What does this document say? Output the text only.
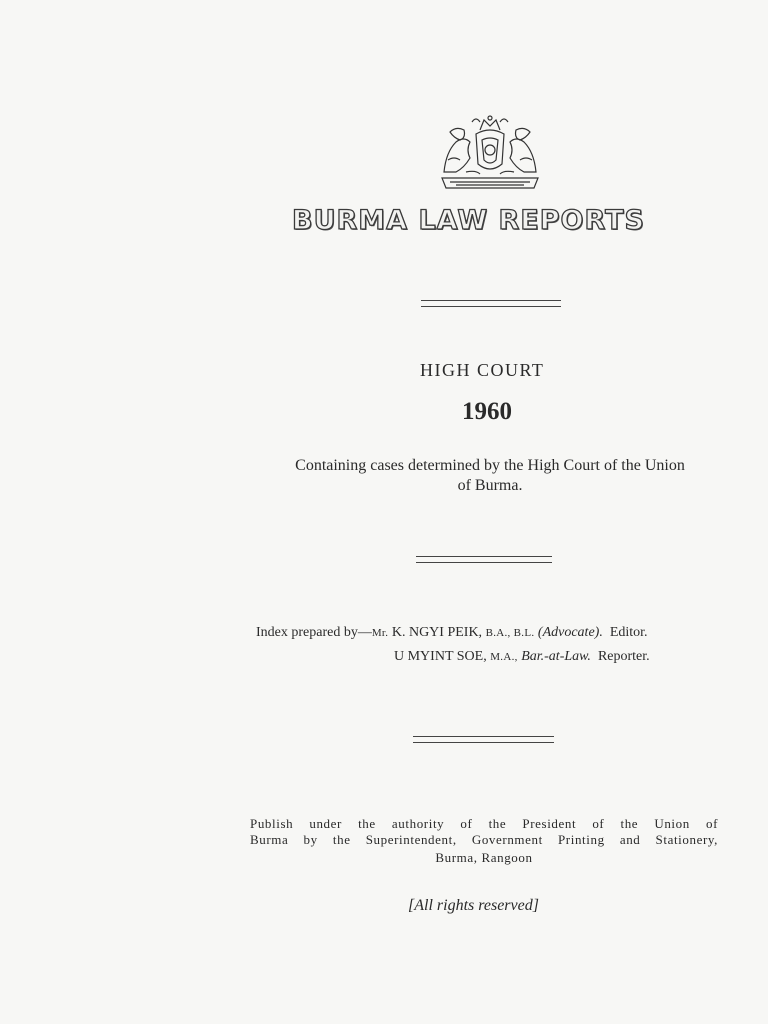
BURMA LAW REPORTS
HIGH COURT
1960
Containing cases determined by the High Court of the Union of Burma.
Index prepared by—Mr. K. NGYI PEIK, B.A., B.L. (Advocate). Editor.
U MYINT SOE, M.A., Bar.-at-Law. Reporter.
Publish under the authority of the President of the Union of
Burma by the Superintendent, Government Printing and Stationery,
Burma, Rangoon
[All rights reserved]
